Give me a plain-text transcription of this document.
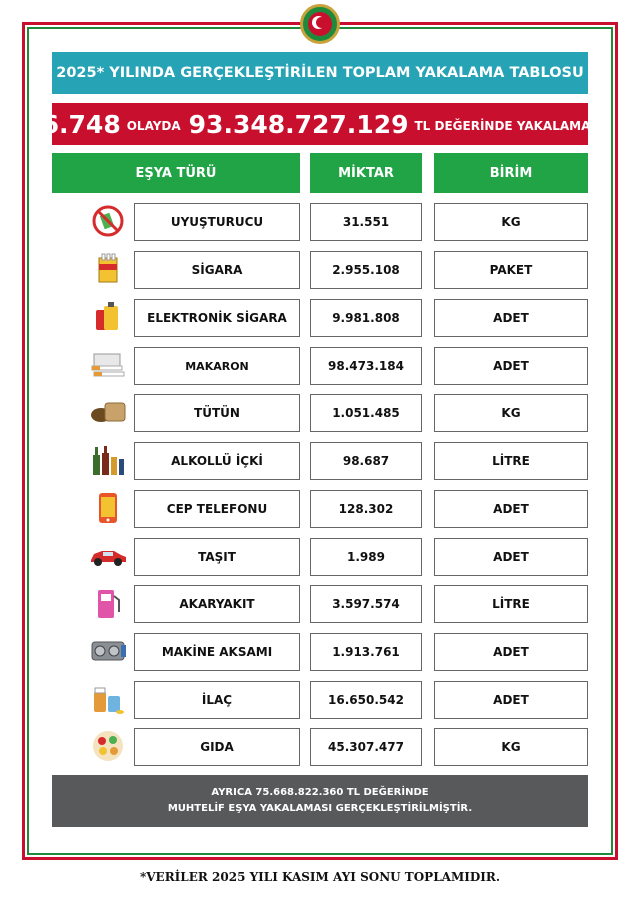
2025* YILINDA GERÇEKLEŞTİRİLEN TOPLAM YAKALAMA TABLOSU
6.748 OLAYDA 93.348.727.129 TL DEĞERİNDE YAKALAMA
EŞYA TÜRÜ	MİKTAR	BİRİM
UYUŞTURUCU	31.551	KG
SİGARA	2.955.108	PAKET
ELEKTRONİK SİGARA	9.981.808	ADET
MAKARON	98.473.184	ADET
TÜTÜN	1.051.485	KG
ALKOLLÜ İÇKİ	98.687	LİTRE
CEP TELEFONU	128.302	ADET
TAŞIT	1.989	ADET
AKARYAKIT	3.597.574	LİTRE
MAKİNE AKSAMI	1.913.761	ADET
İLAÇ	16.650.542	ADET
GIDA	45.307.477	KG
AYRICA 75.668.822.360 TL DEĞERİNDE
MUHTELİF EŞYA YAKALAMASI GERÇEKLEŞTİRİLMİŞTİR.
*VERİLER 2025 YILI KASIM AYI SONU TOPLAMIDIR.
